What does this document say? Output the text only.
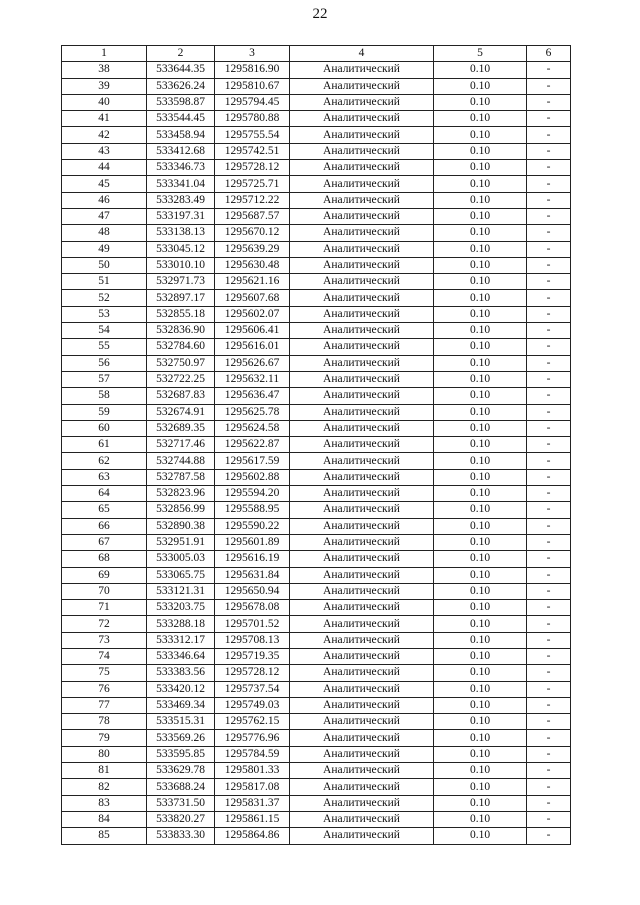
22
1	2	3	4	5	6
38	533644.35	1295816.90	Аналитический	0.10	-
39	533626.24	1295810.67	Аналитический	0.10	-
40	533598.87	1295794.45	Аналитический	0.10	-
41	533544.45	1295780.88	Аналитический	0.10	-
42	533458.94	1295755.54	Аналитический	0.10	-
43	533412.68	1295742.51	Аналитический	0.10	-
44	533346.73	1295728.12	Аналитический	0.10	-
45	533341.04	1295725.71	Аналитический	0.10	-
46	533283.49	1295712.22	Аналитический	0.10	-
47	533197.31	1295687.57	Аналитический	0.10	-
48	533138.13	1295670.12	Аналитический	0.10	-
49	533045.12	1295639.29	Аналитический	0.10	-
50	533010.10	1295630.48	Аналитический	0.10	-
51	532971.73	1295621.16	Аналитический	0.10	-
52	532897.17	1295607.68	Аналитический	0.10	-
53	532855.18	1295602.07	Аналитический	0.10	-
54	532836.90	1295606.41	Аналитический	0.10	-
55	532784.60	1295616.01	Аналитический	0.10	-
56	532750.97	1295626.67	Аналитический	0.10	-
57	532722.25	1295632.11	Аналитический	0.10	-
58	532687.83	1295636.47	Аналитический	0.10	-
59	532674.91	1295625.78	Аналитический	0.10	-
60	532689.35	1295624.58	Аналитический	0.10	-
61	532717.46	1295622.87	Аналитический	0.10	-
62	532744.88	1295617.59	Аналитический	0.10	-
63	532787.58	1295602.88	Аналитический	0.10	-
64	532823.96	1295594.20	Аналитический	0.10	-
65	532856.99	1295588.95	Аналитический	0.10	-
66	532890.38	1295590.22	Аналитический	0.10	-
67	532951.91	1295601.89	Аналитический	0.10	-
68	533005.03	1295616.19	Аналитический	0.10	-
69	533065.75	1295631.84	Аналитический	0.10	-
70	533121.31	1295650.94	Аналитический	0.10	-
71	533203.75	1295678.08	Аналитический	0.10	-
72	533288.18	1295701.52	Аналитический	0.10	-
73	533312.17	1295708.13	Аналитический	0.10	-
74	533346.64	1295719.35	Аналитический	0.10	-
75	533383.56	1295728.12	Аналитический	0.10	-
76	533420.12	1295737.54	Аналитический	0.10	-
77	533469.34	1295749.03	Аналитический	0.10	-
78	533515.31	1295762.15	Аналитический	0.10	-
79	533569.26	1295776.96	Аналитический	0.10	-
80	533595.85	1295784.59	Аналитический	0.10	-
81	533629.78	1295801.33	Аналитический	0.10	-
82	533688.24	1295817.08	Аналитический	0.10	-
83	533731.50	1295831.37	Аналитический	0.10	-
84	533820.27	1295861.15	Аналитический	0.10	-
85	533833.30	1295864.86	Аналитический	0.10	-
